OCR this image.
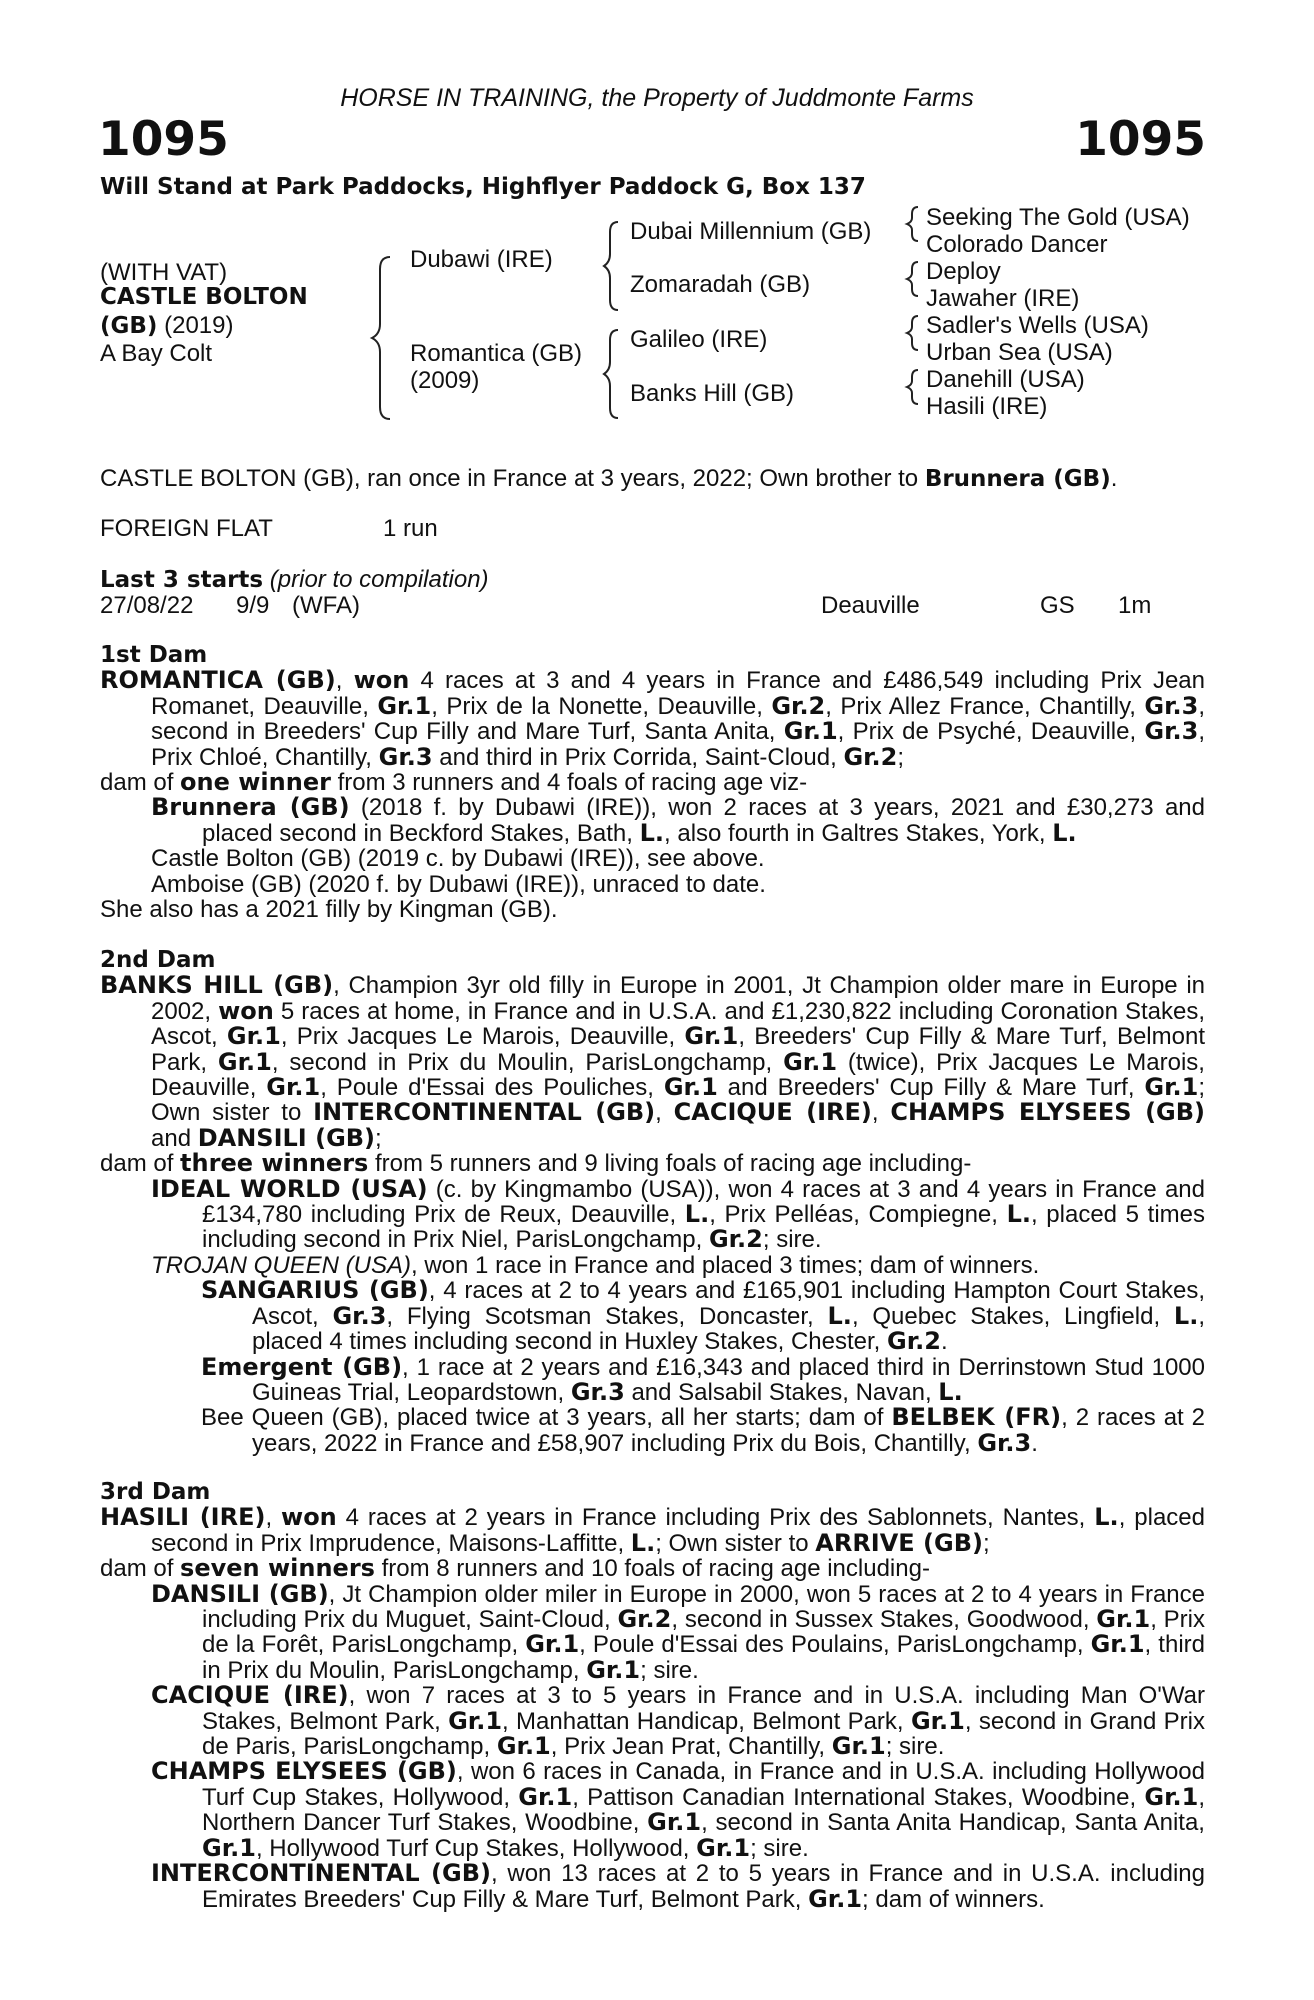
HORSE IN TRAINING, the Property of Juddmonte Farms
1095	1095
Will Stand at Park Paddocks, Highflyer Paddock G, Box 137
(WITH VAT)
CASTLE BOLTON
(GB) (2019)
A Bay Colt
Dubawi (IRE)
Romantica (GB)
(2009)
Dubai Millennium (GB)
Zomaradah (GB)
Galileo (IRE)
Banks Hill (GB)
Seeking The Gold (USA)
Colorado Dancer
Deploy
Jawaher (IRE)
Sadler's Wells (USA)
Urban Sea (USA)
Danehill (USA)
Hasili (IRE)
CASTLE BOLTON (GB), ran once in France at 3 years, 2022; Own brother to Brunnera (GB).
FOREIGN FLAT	1 run
Last 3 starts (prior to compilation)
27/08/22 9/9 (WFA)	Deauville	GS 1m
1st Dam

ROMANTICA (GB), won 4 races at 3 and 4 years in France and £486,549 including Prix Jean Romanet, Deauville, Gr.1, Prix de la Nonette, Deauville, Gr.2, Prix Allez France, Chantilly, Gr.3, second in Breeders' Cup Filly and Mare Turf, Santa Anita, Gr.1, Prix de Psyché, Deauville, Gr.3, Prix Chloé, Chantilly, Gr.3 and third in Prix Corrida, Saint-Cloud, Gr.2;

dam of one winner from 3 runners and 4 foals of racing age viz-

Brunnera (GB) (2018 f. by Dubawi (IRE)), won 2 races at 3 years, 2021 and £30,273 and placed second in Beckford Stakes, Bath, L., also fourth in Galtres Stakes, York, L.

Castle Bolton (GB) (2019 c. by Dubawi (IRE)), see above.

Amboise (GB) (2020 f. by Dubawi (IRE)), unraced to date.

She also has a 2021 filly by Kingman (GB).

2nd Dam

BANKS HILL (GB), Champion 3yr old filly in Europe in 2001, Jt Champion older mare in Europe in 2002, won 5 races at home, in France and in U.S.A. and £1,230,822 including Coronation Stakes, Ascot, Gr.1, Prix Jacques Le Marois, Deauville, Gr.1, Breeders' Cup Filly & Mare Turf, Belmont Park, Gr.1, second in Prix du Moulin, ParisLongchamp, Gr.1 (twice), Prix Jacques Le Marois, Deauville, Gr.1, Poule d'Essai des Pouliches, Gr.1 and Breeders' Cup Filly & Mare Turf, Gr.1; Own sister to INTERCONTINENTAL (GB), CACIQUE (IRE), CHAMPS ELYSEES (GB) and DANSILI (GB);

dam of three winners from 5 runners and 9 living foals of racing age including-

IDEAL WORLD (USA) (c. by Kingmambo (USA)), won 4 races at 3 and 4 years in France and £134,780 including Prix de Reux, Deauville, L., Prix Pelléas, Compiegne, L., placed 5 times including second in Prix Niel, ParisLongchamp, Gr.2; sire.

TROJAN QUEEN (USA), won 1 race in France and placed 3 times; dam of winners.

SANGARIUS (GB), 4 races at 2 to 4 years and £165,901 including Hampton Court Stakes, Ascot, Gr.3, Flying Scotsman Stakes, Doncaster, L., Quebec Stakes, Lingfield, L., placed 4 times including second in Huxley Stakes, Chester, Gr.2.

Emergent (GB), 1 race at 2 years and £16,343 and placed third in Derrinstown Stud 1000 Guineas Trial, Leopardstown, Gr.3 and Salsabil Stakes, Navan, L.

Bee Queen (GB), placed twice at 3 years, all her starts; dam of BELBEK (FR), 2 races at 2 years, 2022 in France and £58,907 including Prix du Bois, Chantilly, Gr.3.

3rd Dam

HASILI (IRE), won 4 races at 2 years in France including Prix des Sablonnets, Nantes, L., placed second in Prix Imprudence, Maisons-Laffitte, L.; Own sister to ARRIVE (GB);

dam of seven winners from 8 runners and 10 foals of racing age including-

DANSILI (GB), Jt Champion older miler in Europe in 2000, won 5 races at 2 to 4 years in France including Prix du Muguet, Saint-Cloud, Gr.2, second in Sussex Stakes, Goodwood, Gr.1, Prix de la Forêt, ParisLongchamp, Gr.1, Poule d'Essai des Poulains, ParisLongchamp, Gr.1, third in Prix du Moulin, ParisLongchamp, Gr.1; sire.

CACIQUE (IRE), won 7 races at 3 to 5 years in France and in U.S.A. including Man O'War Stakes, Belmont Park, Gr.1, Manhattan Handicap, Belmont Park, Gr.1, second in Grand Prix de Paris, ParisLongchamp, Gr.1, Prix Jean Prat, Chantilly, Gr.1; sire.

CHAMPS ELYSEES (GB), won 6 races in Canada, in France and in U.S.A. including Hollywood Turf Cup Stakes, Hollywood, Gr.1, Pattison Canadian International Stakes, Woodbine, Gr.1, Northern Dancer Turf Stakes, Woodbine, Gr.1, second in Santa Anita Handicap, Santa Anita, Gr.1, Hollywood Turf Cup Stakes, Hollywood, Gr.1; sire.

INTERCONTINENTAL (GB), won 13 races at 2 to 5 years in France and in U.S.A. including Emirates Breeders' Cup Filly & Mare Turf, Belmont Park, Gr.1; dam of winners.
